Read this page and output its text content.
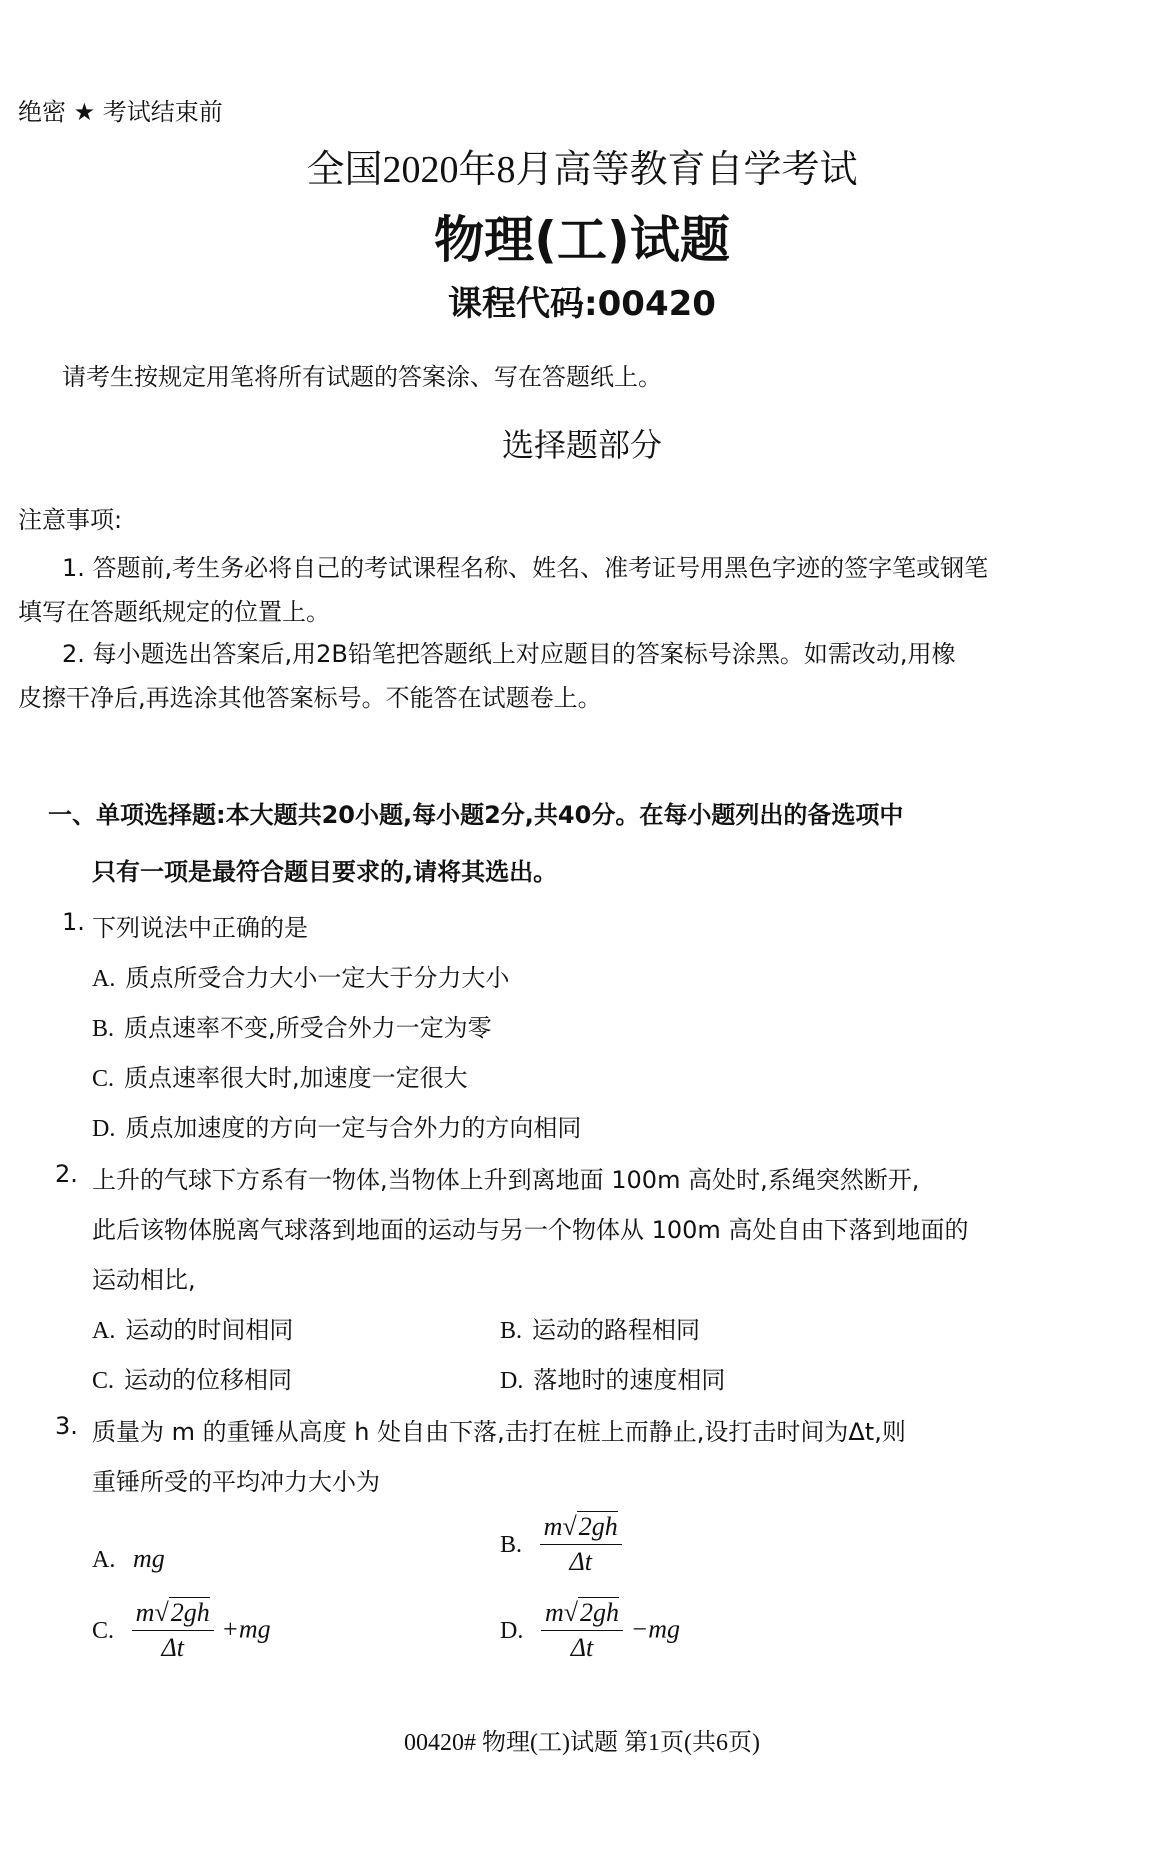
绝密 ★ 考试结束前
全国2020年8月高等教育自学考试
物理(工)试题
课程代码:00420
请考生按规定用笔将所有试题的答案涂、写在答题纸上。
选择题部分
注意事项:
1. 答题前,考生务必将自己的考试课程名称、姓名、准考证号用黑色字迹的签字笔或钢笔
填写在答题纸规定的位置上。
2. 每小题选出答案后,用2B铅笔把答题纸上对应题目的答案标号涂黑。如需改动,用橡
皮擦干净后,再选涂其他答案标号。不能答在试题卷上。
一、单项选择题:本大题共20小题,每小题2分,共40分。在每小题列出的备选项中
只有一项是最符合题目要求的,请将其选出。
1. 下列说法中正确的是
A. 质点所受合力大小一定大于分力大小
B. 质点速率不变,所受合外力一定为零
C. 质点速率很大时,加速度一定很大
D. 质点加速度的方向一定与合外力的方向相同
2. 上升的气球下方系有一物体,当物体上升到离地面 100m 高处时,系绳突然断开,
此后该物体脱离气球落到地面的运动与另一个物体从 100m 高处自由下落到地面的
运动相比,
A. 运动的时间相同	B. 运动的路程相同
C. 运动的位移相同	D. 落地时的速度相同
3. 质量为 m 的重锤从高度 h 处自由下落,击打在桩上而静止,设打击时间为Δt,则
重锤所受的平均冲力大小为
A. mg	B. $\frac{m√2gh}{\Delta t}$
C. $\frac{m√2gh}{\Delta t} +mg$	D. $\frac{m√2gh}{\Delta t} -mg$
00420# 物理(工)试题 第1页(共6页)
